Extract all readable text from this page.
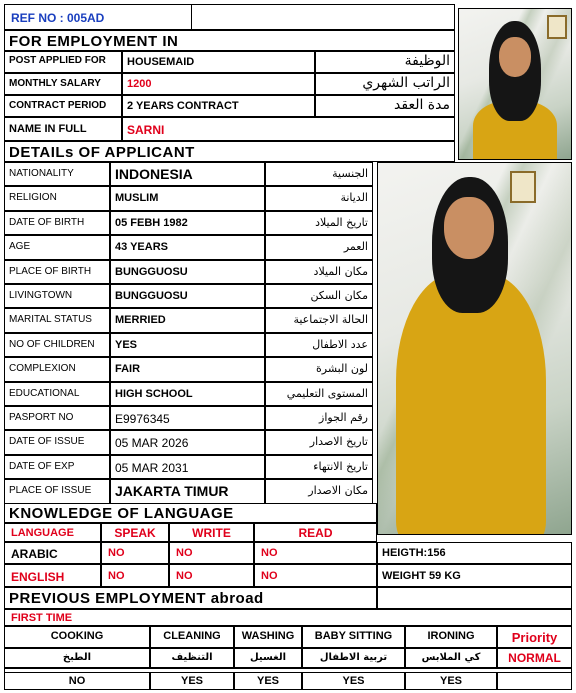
REF NO : 005AD
FOR EMPLOYMENT IN
POST APPLIED FOR	HOUSEMAID	الوظيفة
MONTHLY SALARY	1200	الراتب الشهري
CONTRACT PERIOD	2 YEARS CONTRACT	مدة العقد
NAME IN FULL	SARNI
DETAILs OF APPLICANT
NATIONALITY	INDONESIA	الجنسية
RELIGION	MUSLIM	الديانة
DATE OF BIRTH	05 FEBH 1982	تاريخ الميلاد
AGE	43 YEARS	العمر
PLACE OF BIRTH	BUNGGUOSU	مكان الميلاد
LIVINGTOWN	BUNGGUOSU	مكان السكن
MARITAL STATUS	MERRIED	الحالة الاجتماعية
NO OF CHILDREN	YES	عدد الاطفال
COMPLEXION	FAIR	لون البشرة
EDUCATIONAL	HIGH SCHOOL	المستوى التعليمي
PASPORT NO	E9976345	رقم الجواز
DATE OF ISSUE	05 MAR 2026	تاريخ الاصدار
DATE OF EXP	05 MAR 2031	تاريخ الانتهاء
PLACE OF ISSUE	JAKARTA TIMUR	مكان الاصدار
KNOWLEDGE OF LANGUAGE
LANGUAGE	SPEAK	WRITE	READ
ARABIC	NO	NO	NO	HEIGTH:156
ENGLISH	NO	NO	NO	WEIGHT 59 KG
PREVIOUS EMPLOYMENT abroad
FIRST TIME
COOKING	CLEANING	WASHING	BABY SITTING	IRONING	Priority
الطبخ	التنظيف	الغسيل	تربية الاطفال	كي الملابس	NORMAL
NO	YES	YES	YES	YES
